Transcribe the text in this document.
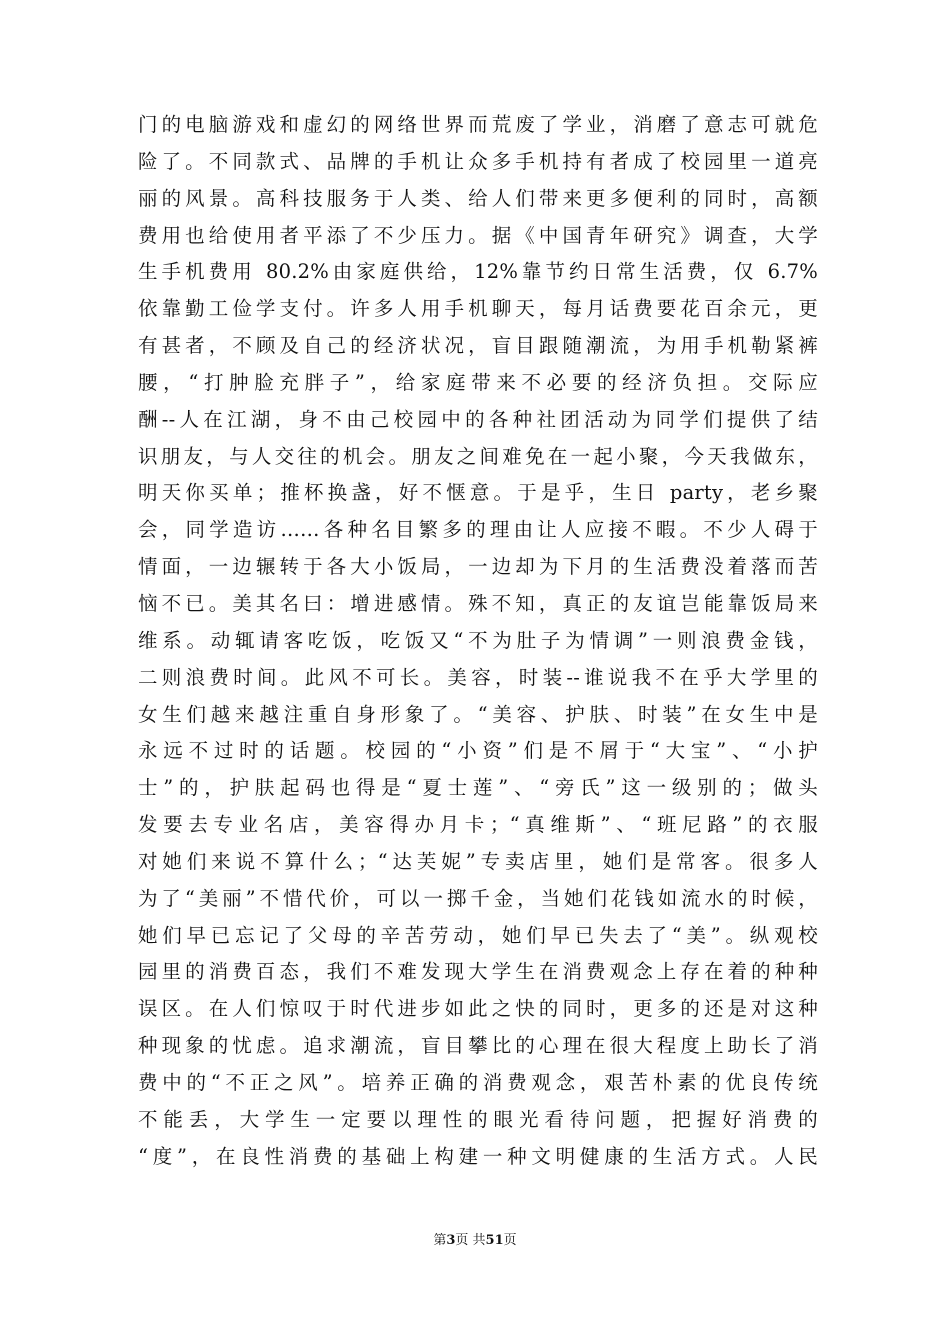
门的电脑游戏和虚幻的网络世界而荒废了学业，消磨了意志可就危
险了。不同款式、品牌的手机让众多手机持有者成了校园里一道亮
丽的风景。高科技服务于人类、给人们带来更多便利的同时，高额
费用也给使用者平添了不少压力。据《中国青年研究》调查，大学
生手机费用 80.2%由家庭供给，12%靠节约日常生活费，仅 6.7%
依靠勤工俭学支付。许多人用手机聊天，每月话费要花百余元，更
有甚者，不顾及自己的经济状况，盲目跟随潮流，为用手机勒紧裤
腰，“打肿脸充胖子”，给家庭带来不必要的经济负担。交际应
酬--人在江湖，身不由己校园中的各种社团活动为同学们提供了结
识朋友，与人交往的机会。朋友之间难免在一起小聚，今天我做东，
明天你买单；推杯换盏，好不惬意。于是乎，生日 party，老乡聚
会，同学造访……各种名目繁多的理由让人应接不暇。不少人碍于
情面，一边辗转于各大小饭局，一边却为下月的生活费没着落而苦
恼不已。美其名曰：增进感情。殊不知，真正的友谊岂能靠饭局来
维系。动辄请客吃饭，吃饭又“不为肚子为情调”一则浪费金钱，
二则浪费时间。此风不可长。美容，时装--谁说我不在乎大学里的
女生们越来越注重自身形象了。“美容、护肤、时装”在女生中是
永远不过时的话题。校园的“小资”们是不屑于“大宝”、“小护
士”的，护肤起码也得是“夏士莲”、“旁氏”这一级别的；做头
发要去专业名店，美容得办月卡；“真维斯”、“班尼路”的衣服
对她们来说不算什么；“达芙妮”专卖店里，她们是常客。很多人
为了“美丽”不惜代价，可以一掷千金，当她们花钱如流水的时候，
她们早已忘记了父母的辛苦劳动，她们早已失去了“美”。纵观校
园里的消费百态，我们不难发现大学生在消费观念上存在着的种种
误区。在人们惊叹于时代进步如此之快的同时，更多的还是对这种
种现象的忧虑。追求潮流，盲目攀比的心理在很大程度上助长了消
费中的“不正之风”。培养正确的消费观念，艰苦朴素的优良传统
不能丢，大学生一定要以理性的眼光看待问题，把握好消费的
“度”，在良性消费的基础上构建一种文明健康的生活方式。人民
第3页 共51页
